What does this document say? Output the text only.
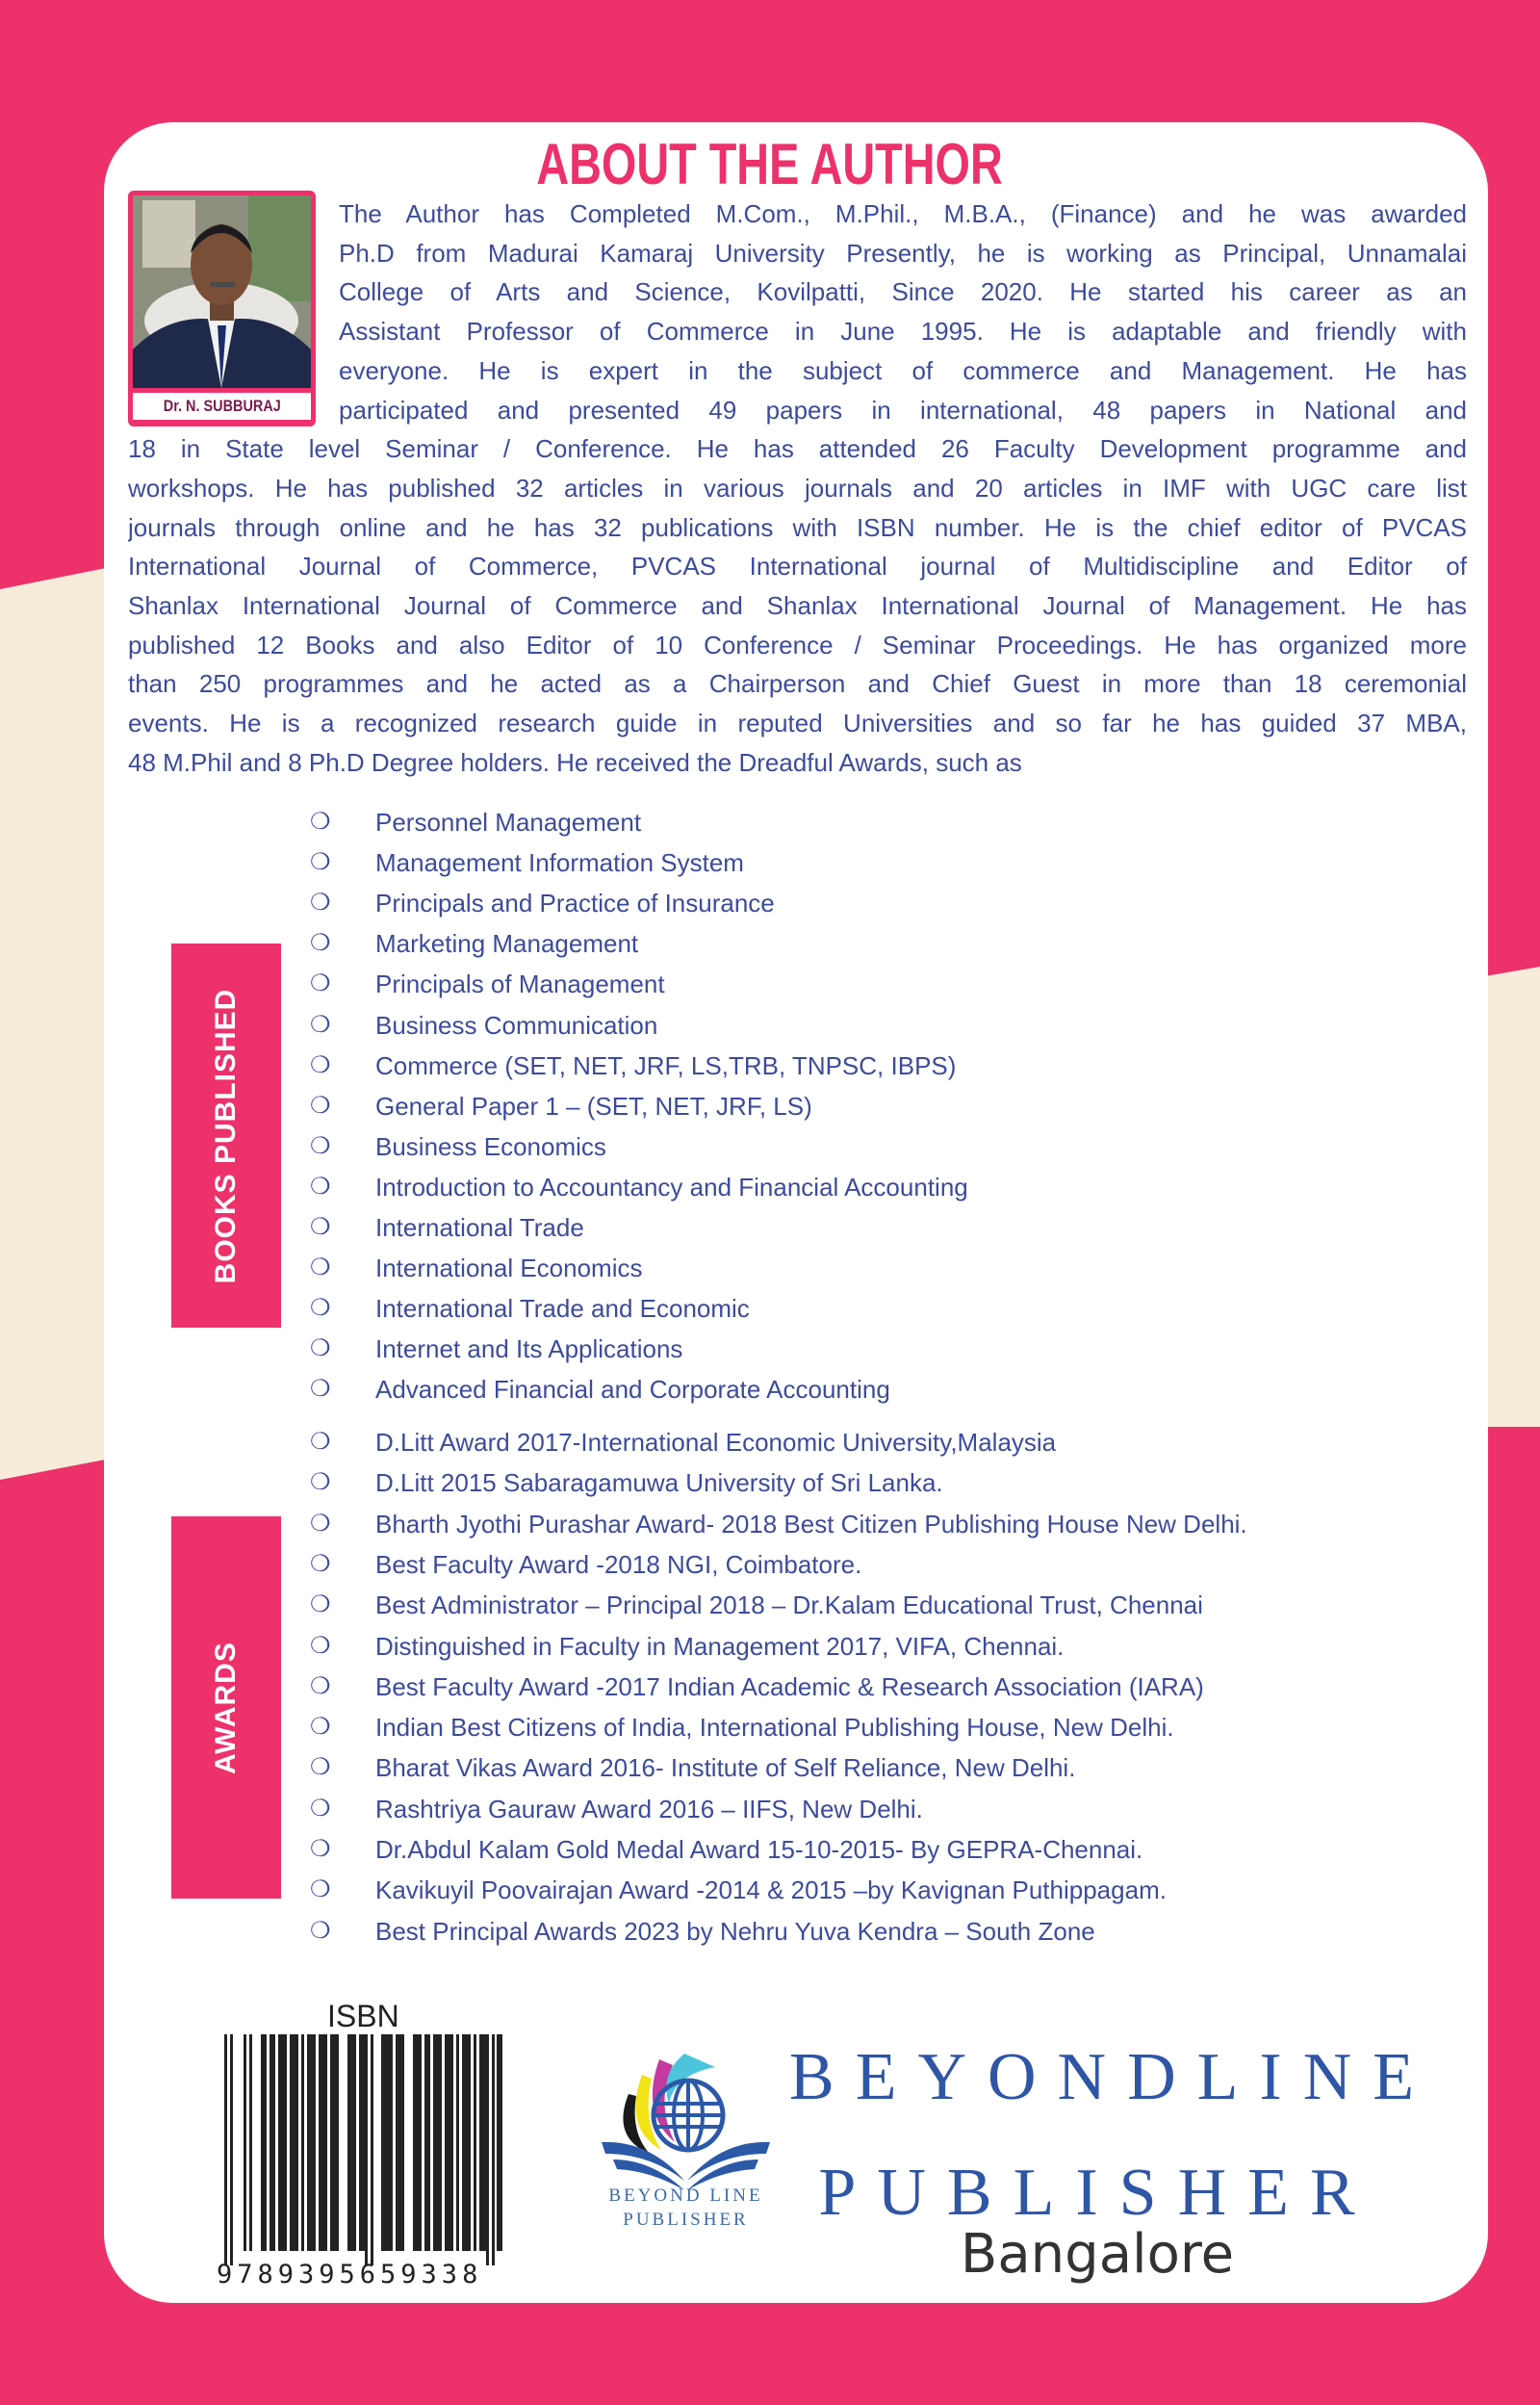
ABOUT THE AUTHOR
Dr. N. SUBBURAJ
The Author has Completed M.Com., M.Phil., M.B.A., (Finance) and he was awarded
Ph.D from Madurai Kamaraj University Presently, he is working as Principal, Unnamalai
College of Arts and Science, Kovilpatti, Since 2020. He started his career as an
Assistant Professor of Commerce in June 1995. He is adaptable and friendly with
everyone. He is expert in the subject of commerce and Management. He has
participated and presented 49 papers in international, 48 papers in National and
18 in State level Seminar / Conference. He has attended 26 Faculty Development programme and
workshops. He has published 32 articles in various journals and 20 articles in IMF with UGC care list
journals through online and he has 32 publications with ISBN number. He is the chief editor of PVCAS
International Journal of Commerce, PVCAS International journal of Multidiscipline and Editor of
Shanlax International Journal of Commerce and Shanlax International Journal of Management. He has
published 12 Books and also Editor of 10 Conference / Seminar Proceedings. He has organized more
than 250 programmes and he acted as a Chairperson and Chief Guest in more than 18 ceremonial
events. He is a recognized research guide in reputed Universities and so far he has guided 37 MBA,
48 M.Phil and 8 Ph.D Degree holders. He received the Dreadful Awards, such as
BOOKS PUBLISHED
AWARDS
❍	Personnel Management
❍	Management Information System
❍	Principals and Practice of Insurance
❍	Marketing Management
❍	Principals of Management
❍	Business Communication
❍	Commerce (SET, NET, JRF, LS,TRB, TNPSC, IBPS)
❍	General Paper 1 – (SET, NET, JRF, LS)
❍	Business Economics
❍	Introduction to Accountancy and Financial Accounting
❍	International Trade
❍	International Economics
❍	International Trade and Economic
❍	Internet and Its Applications
❍	Advanced Financial and Corporate Accounting
❍	D.Litt Award 2017-International Economic University,Malaysia
❍	D.Litt 2015 Sabaragamuwa University of Sri Lanka.
❍	Bharth Jyothi Purashar Award- 2018 Best Citizen Publishing House New Delhi.
❍	Best Faculty Award -2018 NGI, Coimbatore.
❍	Best Administrator – Principal 2018 – Dr.Kalam Educational Trust, Chennai
❍	Distinguished in Faculty in Management 2017, VIFA, Chennai.
❍	Best Faculty Award -2017 Indian Academic & Research Association (IARA)
❍	Indian Best Citizens of India, International Publishing House, New Delhi.
❍	Bharat Vikas Award 2016- Institute of Self Reliance, New Delhi.
❍	Rashtriya Gauraw Award 2016 – IIFS, New Delhi.
❍	Dr.Abdul Kalam Gold Medal Award 15-10-2015- By GEPRA-Chennai.
❍	Kavikuyil Poovairajan Award -2014 & 2015 –by Kavignan Puthippagam.
❍	Best Principal Awards 2023 by Nehru Yuva Kendra – South Zone
ISBN
9789395659338
BEYOND LINE
PUBLISHER
BEYONDLINE
PUBLISHER
Bangalore
